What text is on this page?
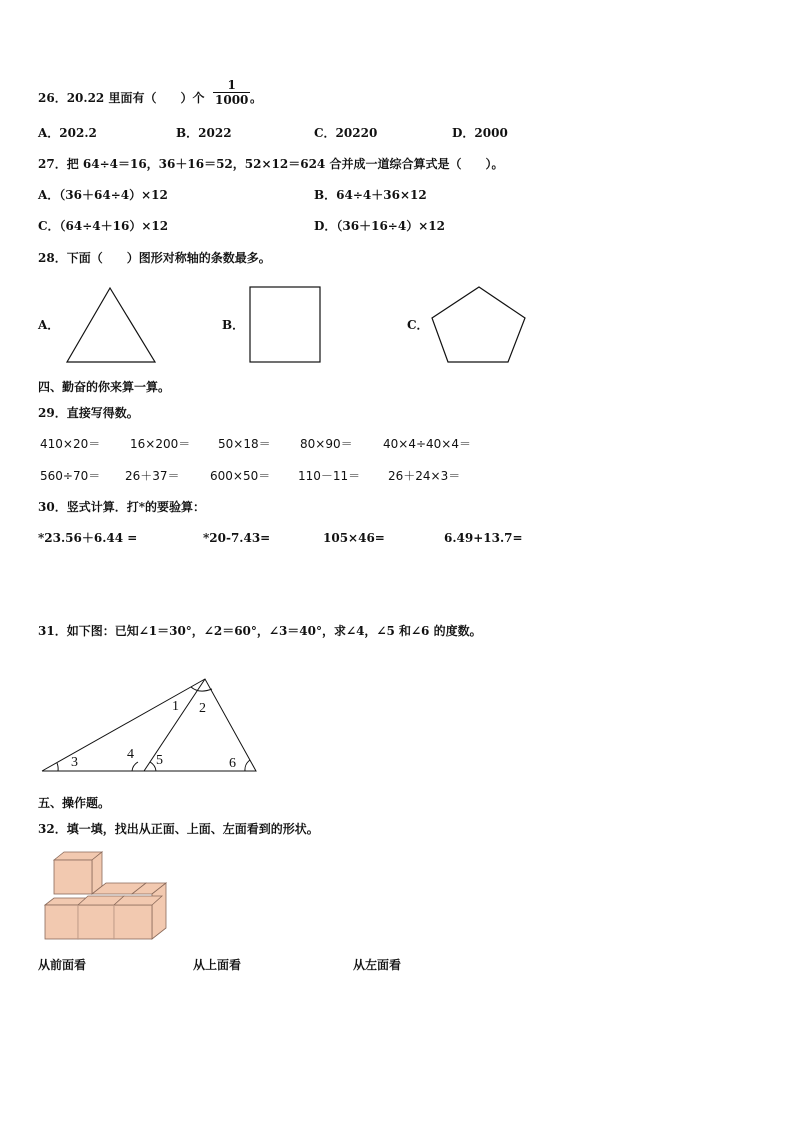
26．20.22 里面有（　　）个 $\frac{1}{1000}$ 。
A．202.2	B．2022	C．20220	D．2000
27．把 64÷4＝16，36＋16＝52，52×12＝624 合并成一道综合算式是（　　）。
A．（36＋64÷4）×12	B．64÷4＋36×12
C．（64÷4＋16）×12	D．（36＋16÷4）×12
28．下面（　　）图形对称轴的条数最多。
A．	B．	C．
四、勤奋的你来算一算。
29．直接写得数。
410×20＝ 16×200＝ 50×18＝ 80×90＝	40×4÷40×4＝
560÷70＝ 26＋37＝	600×50＝ 110－11＝ 26＋24×3＝
30．竖式计算．打*的要验算：
*23.56＋6.44 =	*20-7.43=	105×46=	6.49+13.7=
31．如下图：已知∠1＝30°，∠2＝60°，∠3＝40°，求∠4，∠5 和∠6 的度数。
1 2
3
4 5	6
五、操作题。
32．填一填，找出从正面、上面、左面看到的形状。
从前面看	从上面看	从左面看
